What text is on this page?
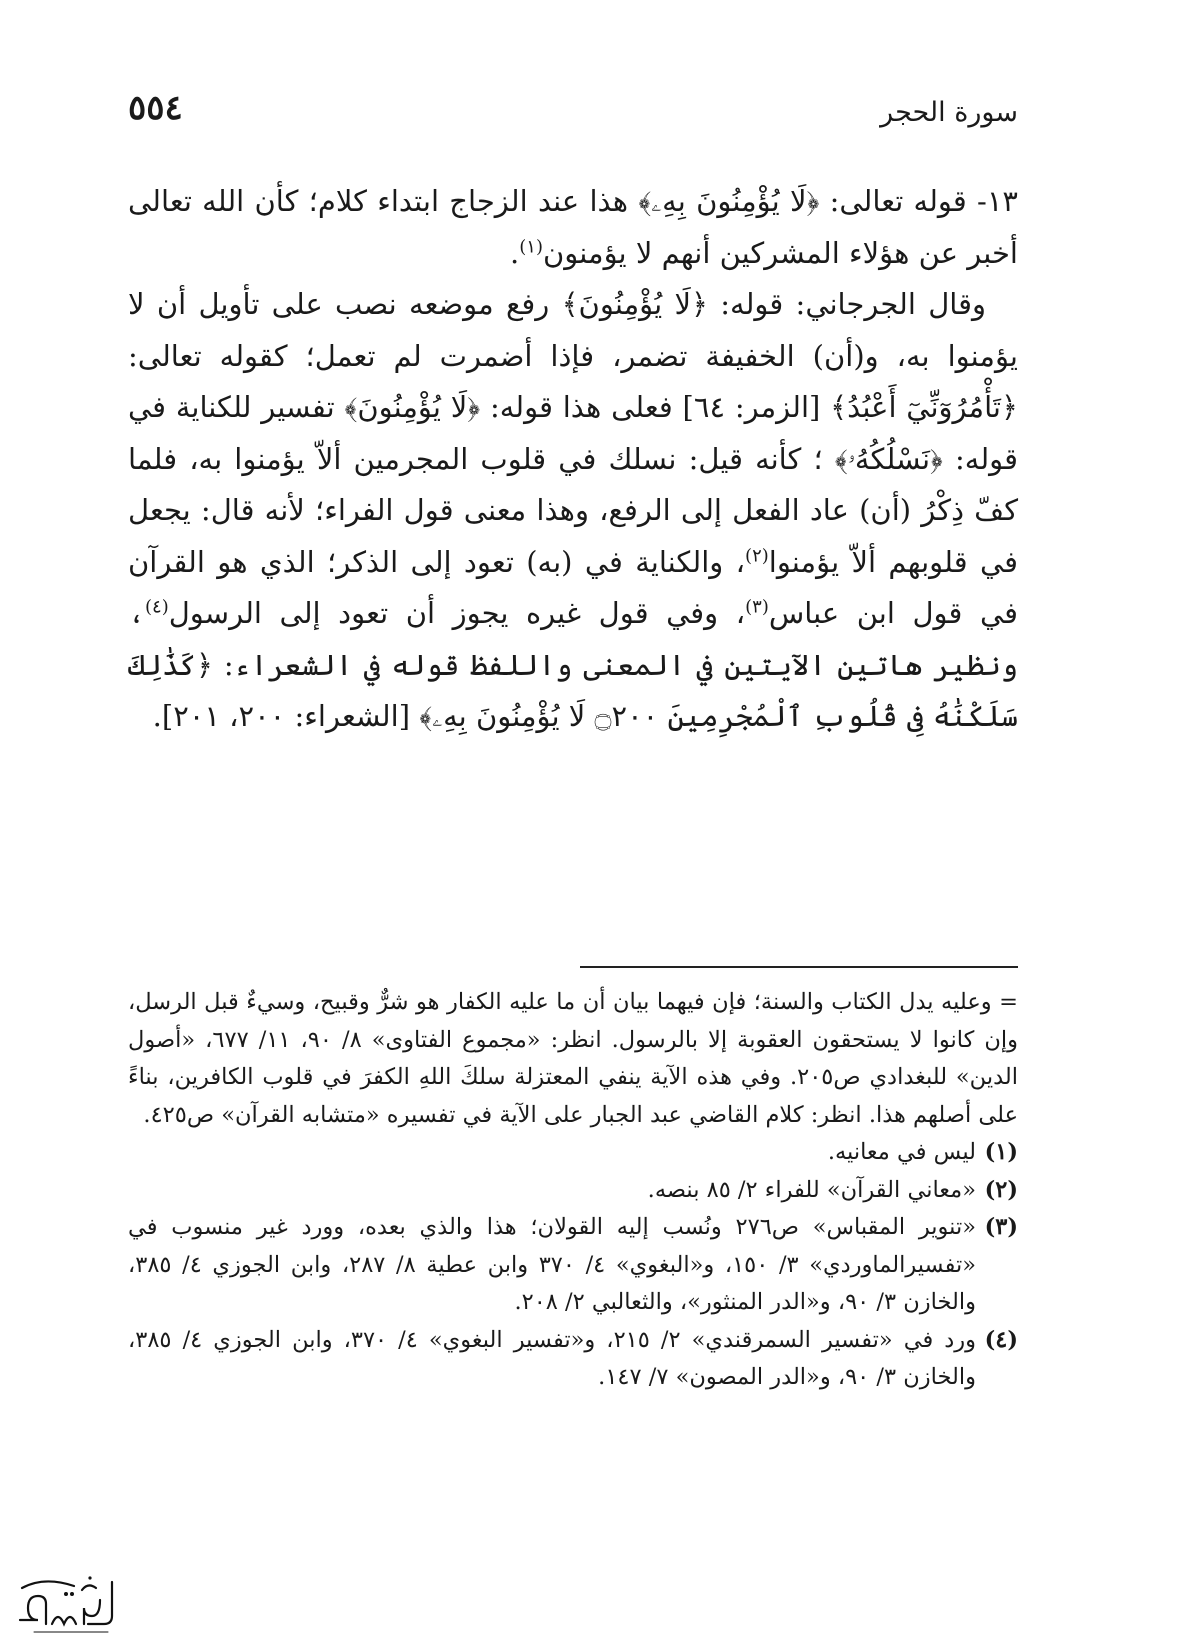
سورة الحجر
٥٥٤

١٣- قوله تعالى: ﴿لَا يُؤْمِنُونَ بِهِۦ﴾ هذا عند الزجاج ابتداء كلام؛ كأن الله تعالى أخبر عن هؤلاء المشركين أنهم لا يؤمنون$^{(١)}$.

وقال الجرجاني: قوله: ﴿لَا يُؤْمِنُونَ﴾ رفع موضعه نصب على تأويل أن لا يؤمنوا به، و(أن) الخفيفة تضمر، فإذا أضمرت لم تعمل؛ كقوله تعالى: ﴿تَأْمُرُوٓنِّيٓ أَعْبُدُ﴾ [الزمر: ٦٤] فعلى هذا قوله: ﴿لَا يُؤْمِنُونَ﴾ تفسير للكناية في قوله: ﴿نَسْلُكُهُۥ﴾ ؛ كأنه قيل: نسلك في قلوب المجرمين ألاّ يؤمنوا به، فلما كفّ ذِكْرُ (أن) عاد الفعل إلى الرفع، وهذا معنى قول الفراء؛ لأنه قال: يجعل في قلوبهم ألاّ يؤمنوا$^{(٢)}$، والكناية في (به) تعود إلى الذكر؛ الذي هو القرآن في قول ابن عباس$^{(٣)}$، وفي قول غيره يجوز أن تعود إلى الرسول$^{(٤)}$، ونظير هاتين الآيتين في المعنى واللفظ قوله في الشعراء: ﴿كَذَٰلِكَ سَلَكْنَٰهُ فِى قُلُوبِ ٱلْمُجْرِمِينَ ۝٢٠٠ لَا يُؤْمِنُونَ بِهِۦ﴾ [الشعراء: ٢٠٠، ٢٠١].

= وعليه يدل الكتاب والسنة؛ فإن فيهما بيان أن ما عليه الكفار هو شرٌّ وقبيح، وسيءٌ قبل الرسل، وإن كانوا لا يستحقون العقوبة إلا بالرسول. انظر: «مجموع الفتاوى» ٨/ ٩٠، ١١/ ٦٧٧، «أصول الدين» للبغدادي ص٢٠٥. وفي هذه الآية ينفي المعتزلة سلكَ اللهِ الكفرَ في قلوب الكافرين، بناءً على أصلهم هذا. انظر: كلام القاضي عبد الجبار على الآية في تفسيره «متشابه القرآن» ص٤٢٥.

(١)
ليس في معانيه.
(٢)
«معاني القرآن» للفراء ٢/ ٨٥ بنصه.
(٣)
«تنوير المقباس» ص٢٧٦ ونُسب إليه القولان؛ هذا والذي بعده، وورد غير منسوب في «تفسيرالماوردي» ٣/ ١٥٠، و«البغوي» ٤/ ٣٧٠ وابن عطية ٨/ ٢٨٧، وابن الجوزي ٤/ ٣٨٥، والخازن ٣/ ٩٠، و«الدر المنثور»، والثعالبي ٢/ ٢٠٨.
(٤)
ورد في «تفسير السمرقندي» ٢/ ٢١٥، و«تفسير البغوي» ٤/ ٣٧٠، وابن الجوزي ٤/ ٣٨٥، والخازن ٣/ ٩٠، و«الدر المصون» ٧/ ١٤٧.
